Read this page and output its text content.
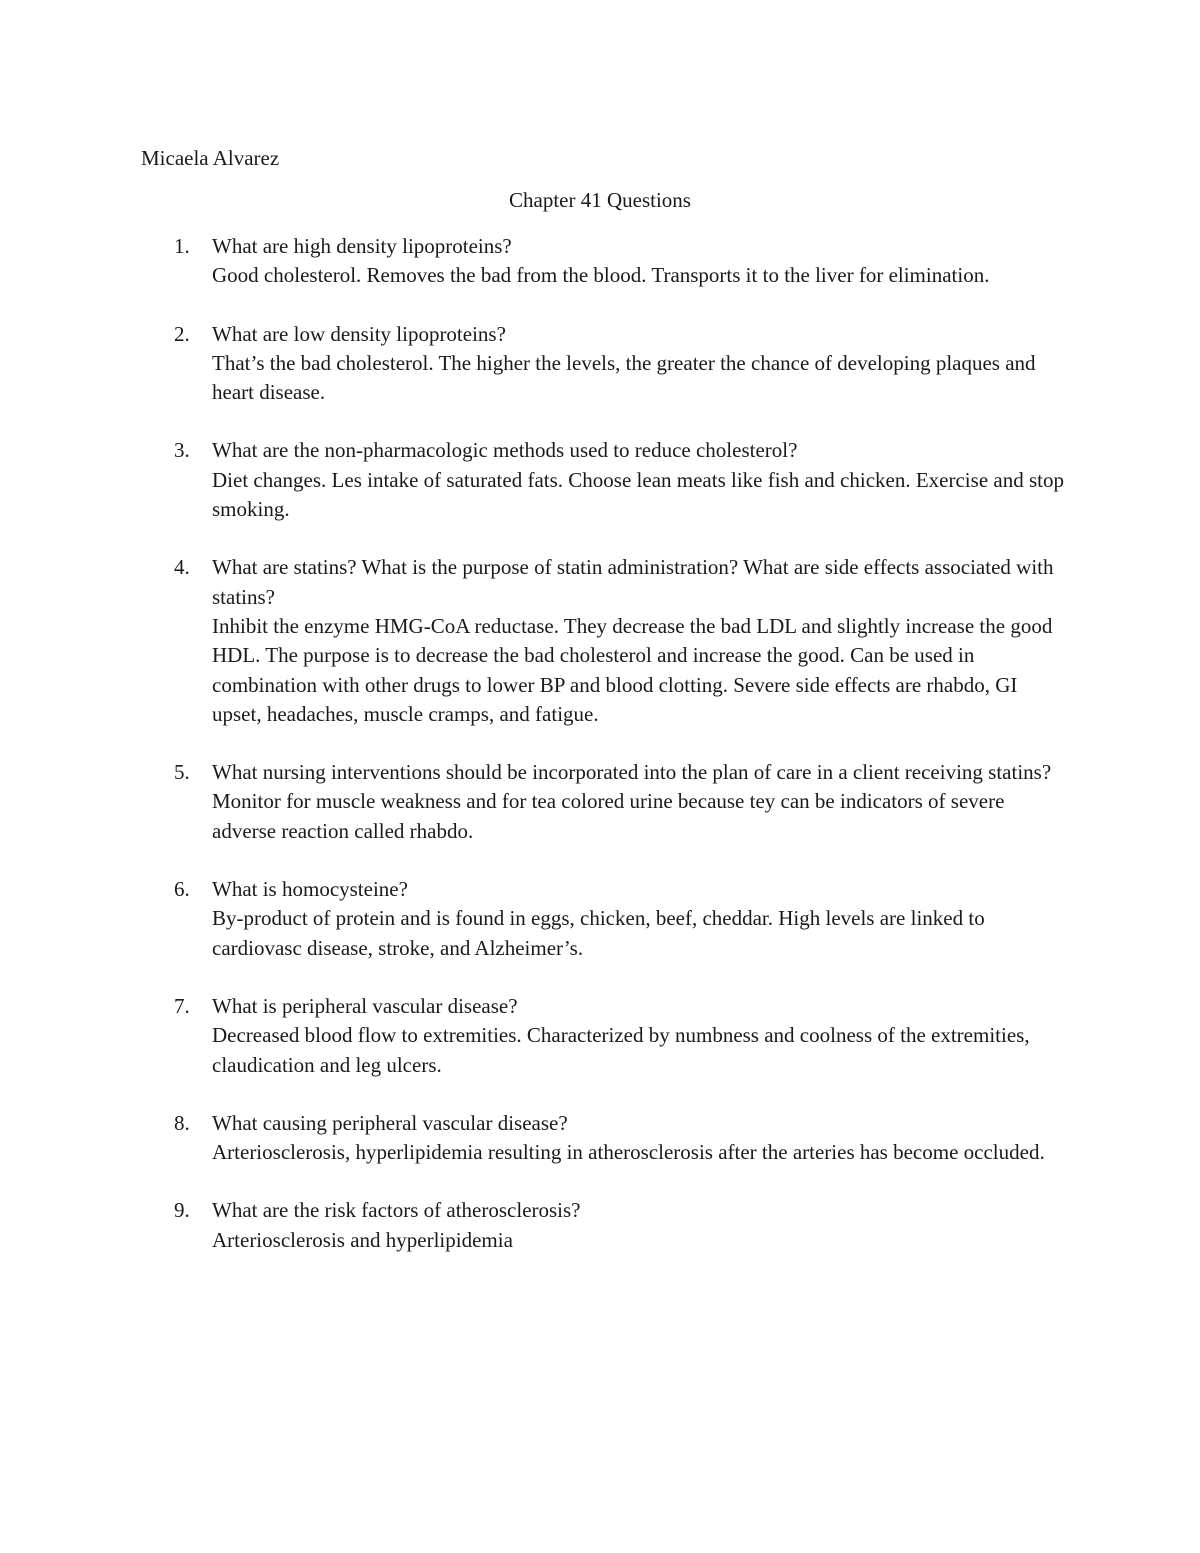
Micaela Alvarez
Chapter 41 Questions
1.	What are high density lipoproteins?
Good cholesterol. Removes the bad from the blood. Transports it to the liver for elimination.
2.	What are low density lipoproteins?
That’s the bad cholesterol. The higher the levels, the greater the chance of developing plaques and heart disease.
3.	What are the non-pharmacologic methods used to reduce cholesterol?
Diet changes. Les intake of saturated fats. Choose lean meats like fish and chicken. Exercise and stop smoking.
4.	What are statins? What is the purpose of statin administration? What are side effects associated with statins?
Inhibit the enzyme HMG-CoA reductase. They decrease the bad LDL and slightly increase the good HDL. The purpose is to decrease the bad cholesterol and increase the good. Can be used in combination with other drugs to lower BP and blood clotting. Severe side effects are rhabdo, GI upset, headaches, muscle cramps, and fatigue.
5.	What nursing interventions should be incorporated into the plan of care in a client receiving statins?
Monitor for muscle weakness and for tea colored urine because tey can be indicators of severe adverse reaction called rhabdo.
6.	What is homocysteine?
By-product of protein and is found in eggs, chicken, beef, cheddar. High levels are linked to cardiovasc disease, stroke, and Alzheimer’s.
7.	What is peripheral vascular disease?
Decreased blood flow to extremities. Characterized by numbness and coolness of the extremities, claudication and leg ulcers.
8.	What causing peripheral vascular disease?
Arteriosclerosis, hyperlipidemia resulting in atherosclerosis after the arteries has become occluded.
9.	What are the risk factors of atherosclerosis?
Arteriosclerosis and hyperlipidemia
